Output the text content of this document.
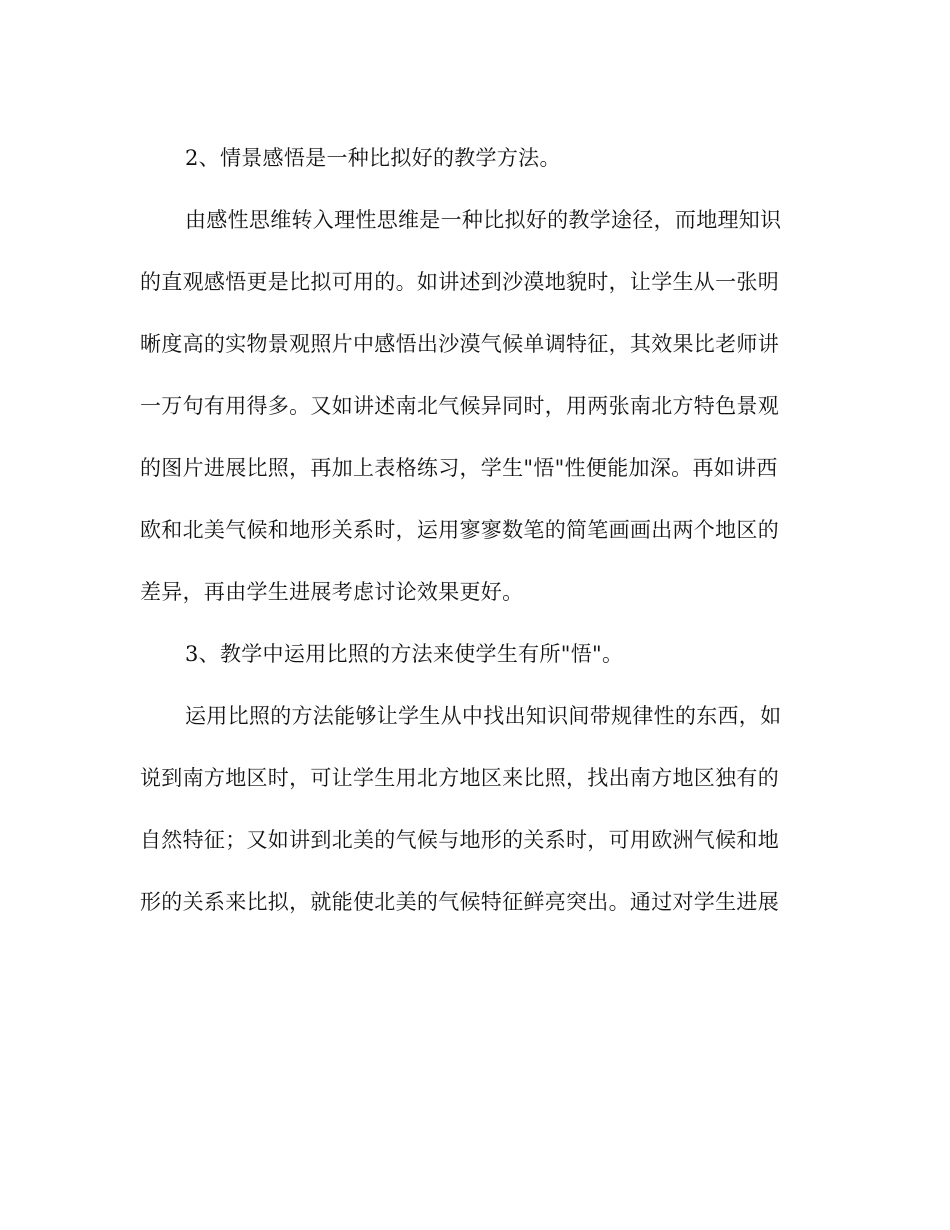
2、情景感悟是一种比拟好的教学方法。

由感性思维转入理性思维是一种比拟好的教学途径，而地理知识

的直观感悟更是比拟可用的。如讲述到沙漠地貌时，让学生从一张明

晰度高的实物景观照片中感悟出沙漠气候单调特征，其效果比老师讲

一万句有用得多。又如讲述南北气候异同时，用两张南北方特色景观

的图片进展比照，再加上表格练习，学生"悟"性便能加深。再如讲西

欧和北美气候和地形关系时，运用寥寥数笔的简笔画画出两个地区的

差异，再由学生进展考虑讨论效果更好。

3、教学中运用比照的方法来使学生有所"悟"。

运用比照的方法能够让学生从中找出知识间带规律性的东西，如

说到南方地区时，可让学生用北方地区来比照，找出南方地区独有的

自然特征；又如讲到北美的气候与地形的关系时，可用欧洲气候和地

形的关系来比拟，就能使北美的气候特征鲜亮突出。通过对学生进展
